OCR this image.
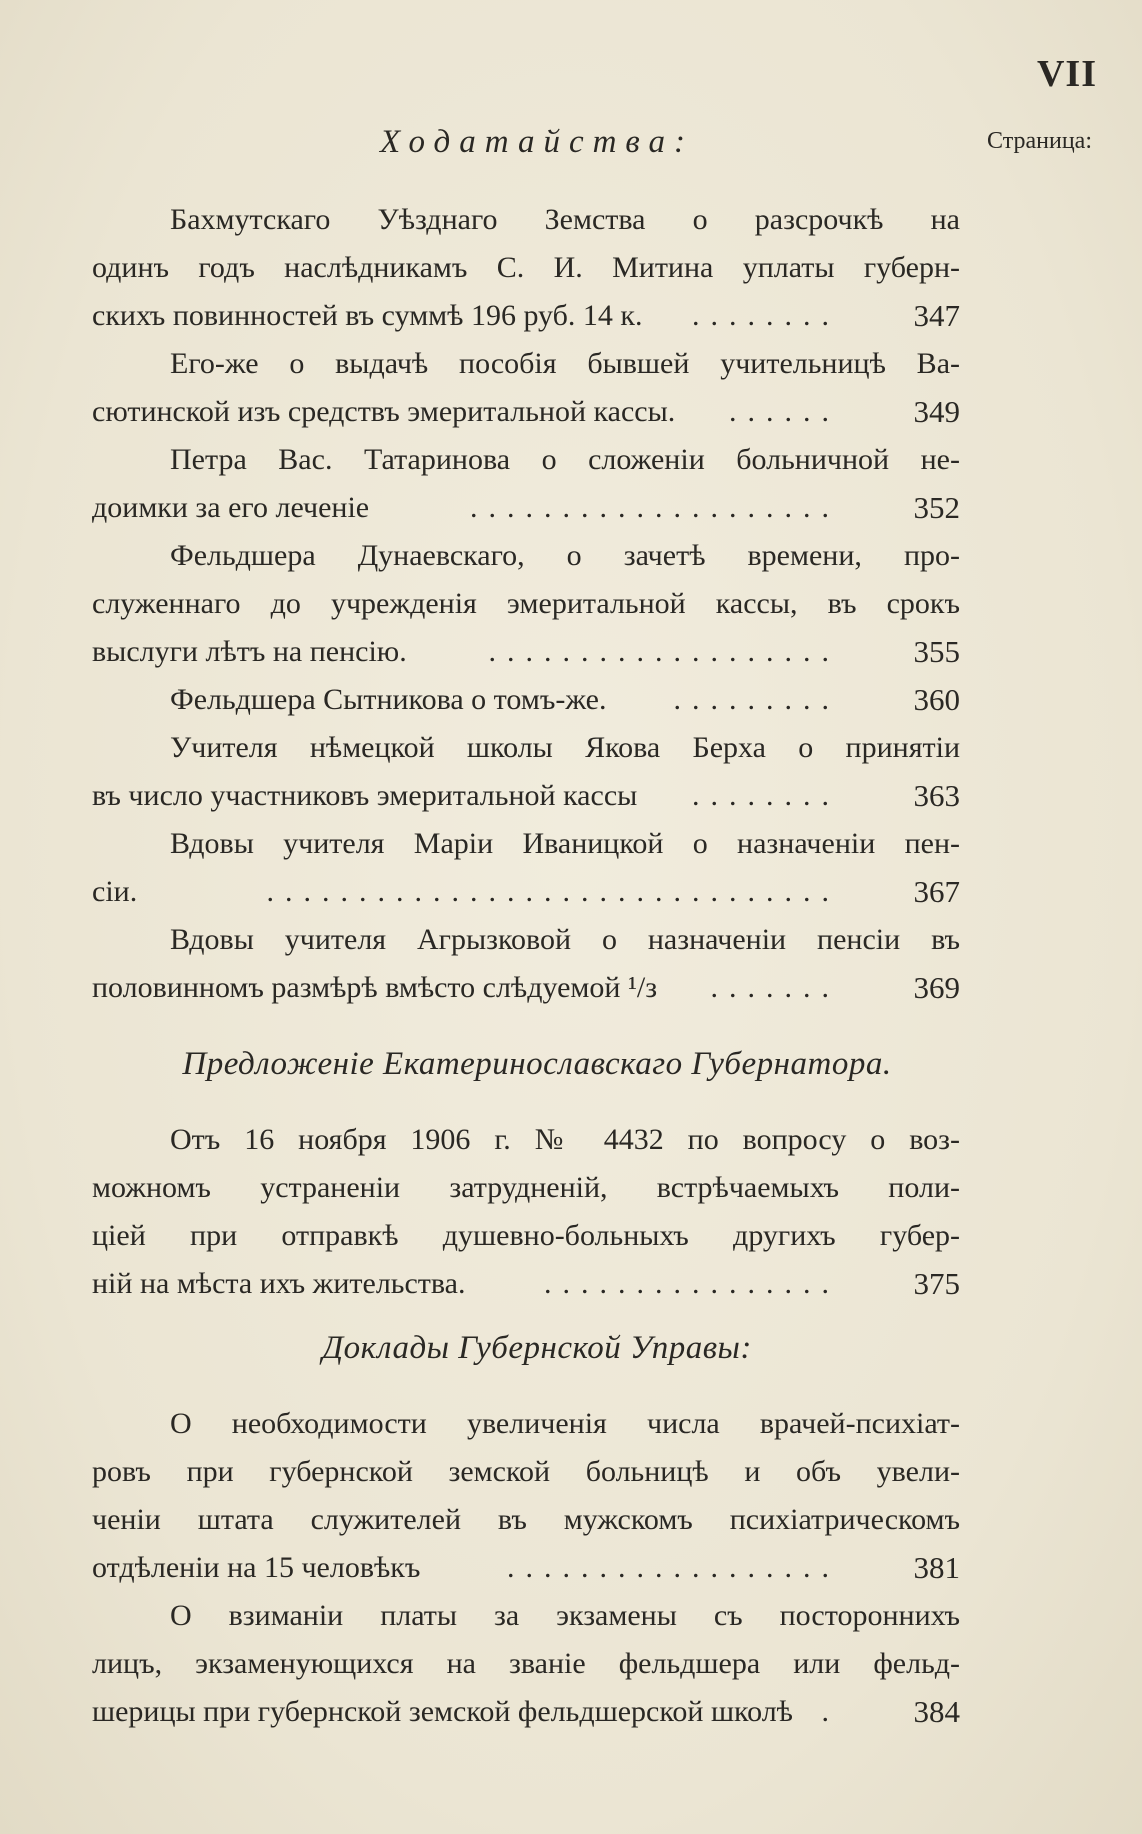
VII
Страница:
Ходатайства:
Предложеніе Екатеринославскаго Губернатора.
Доклады Губернской Управы:
Бахмутскаго Уѣзднаго Земства о разсрочкѣ на
одинъ годъ наслѣдникамъ С. И. Митина уплаты губерн-
скихъ повинностей въ суммѣ 196 руб. 14 к. ........	347
Его-же о выдачѣ пособія бывшей учительницѣ Ва-
сютинской изъ средствъ эмеритальной кассы. ......	349
Петра Вас. Татаринова о сложеніи больничной не-
доимки за его леченіе	....................	352
Фельдшера Дунаевскаго, о зачетѣ времени, про-
служеннаго до учрежденія эмеритальной кассы, въ срокъ
выслуги лѣтъ на пенсію.	...................	355
Фельдшера Сытникова о томъ-же. .........	360
Учителя нѣмецкой школы Якова Берха о принятіи
въ число участниковъ эмеритальной кассы ........	363
Вдовы учителя Маріи Иваницкой о назначеніи пен-
сіи.	...............................	367
Вдовы учителя Агрызковой о назначеніи пенсіи въ
половинномъ размѣрѣ вмѣсто слѣдуемой ¹/з .......	369
Отъ 16 ноября 1906 г. № 4432 по вопросу о воз-
можномъ устраненіи затрудненій, встрѣчаемыхъ поли-
ціей при отправкѣ душевно-больныхъ другихъ губер-
ній на мѣста ихъ жительства.	................	375
О необходимости увеличенія числа врачей-психіат-
ровъ при губернской земской больницѣ и объ увели-
ченіи штата служителей въ мужскомъ психіатрическомъ
отдѣленіи на 15 человѣкъ	..................	381
О взиманіи платы за экзамены съ постороннихъ
лицъ, экзаменующихся на званіе фельдшера или фельд-
шерицы при губернской земской фельдшерской школѣ .	384
